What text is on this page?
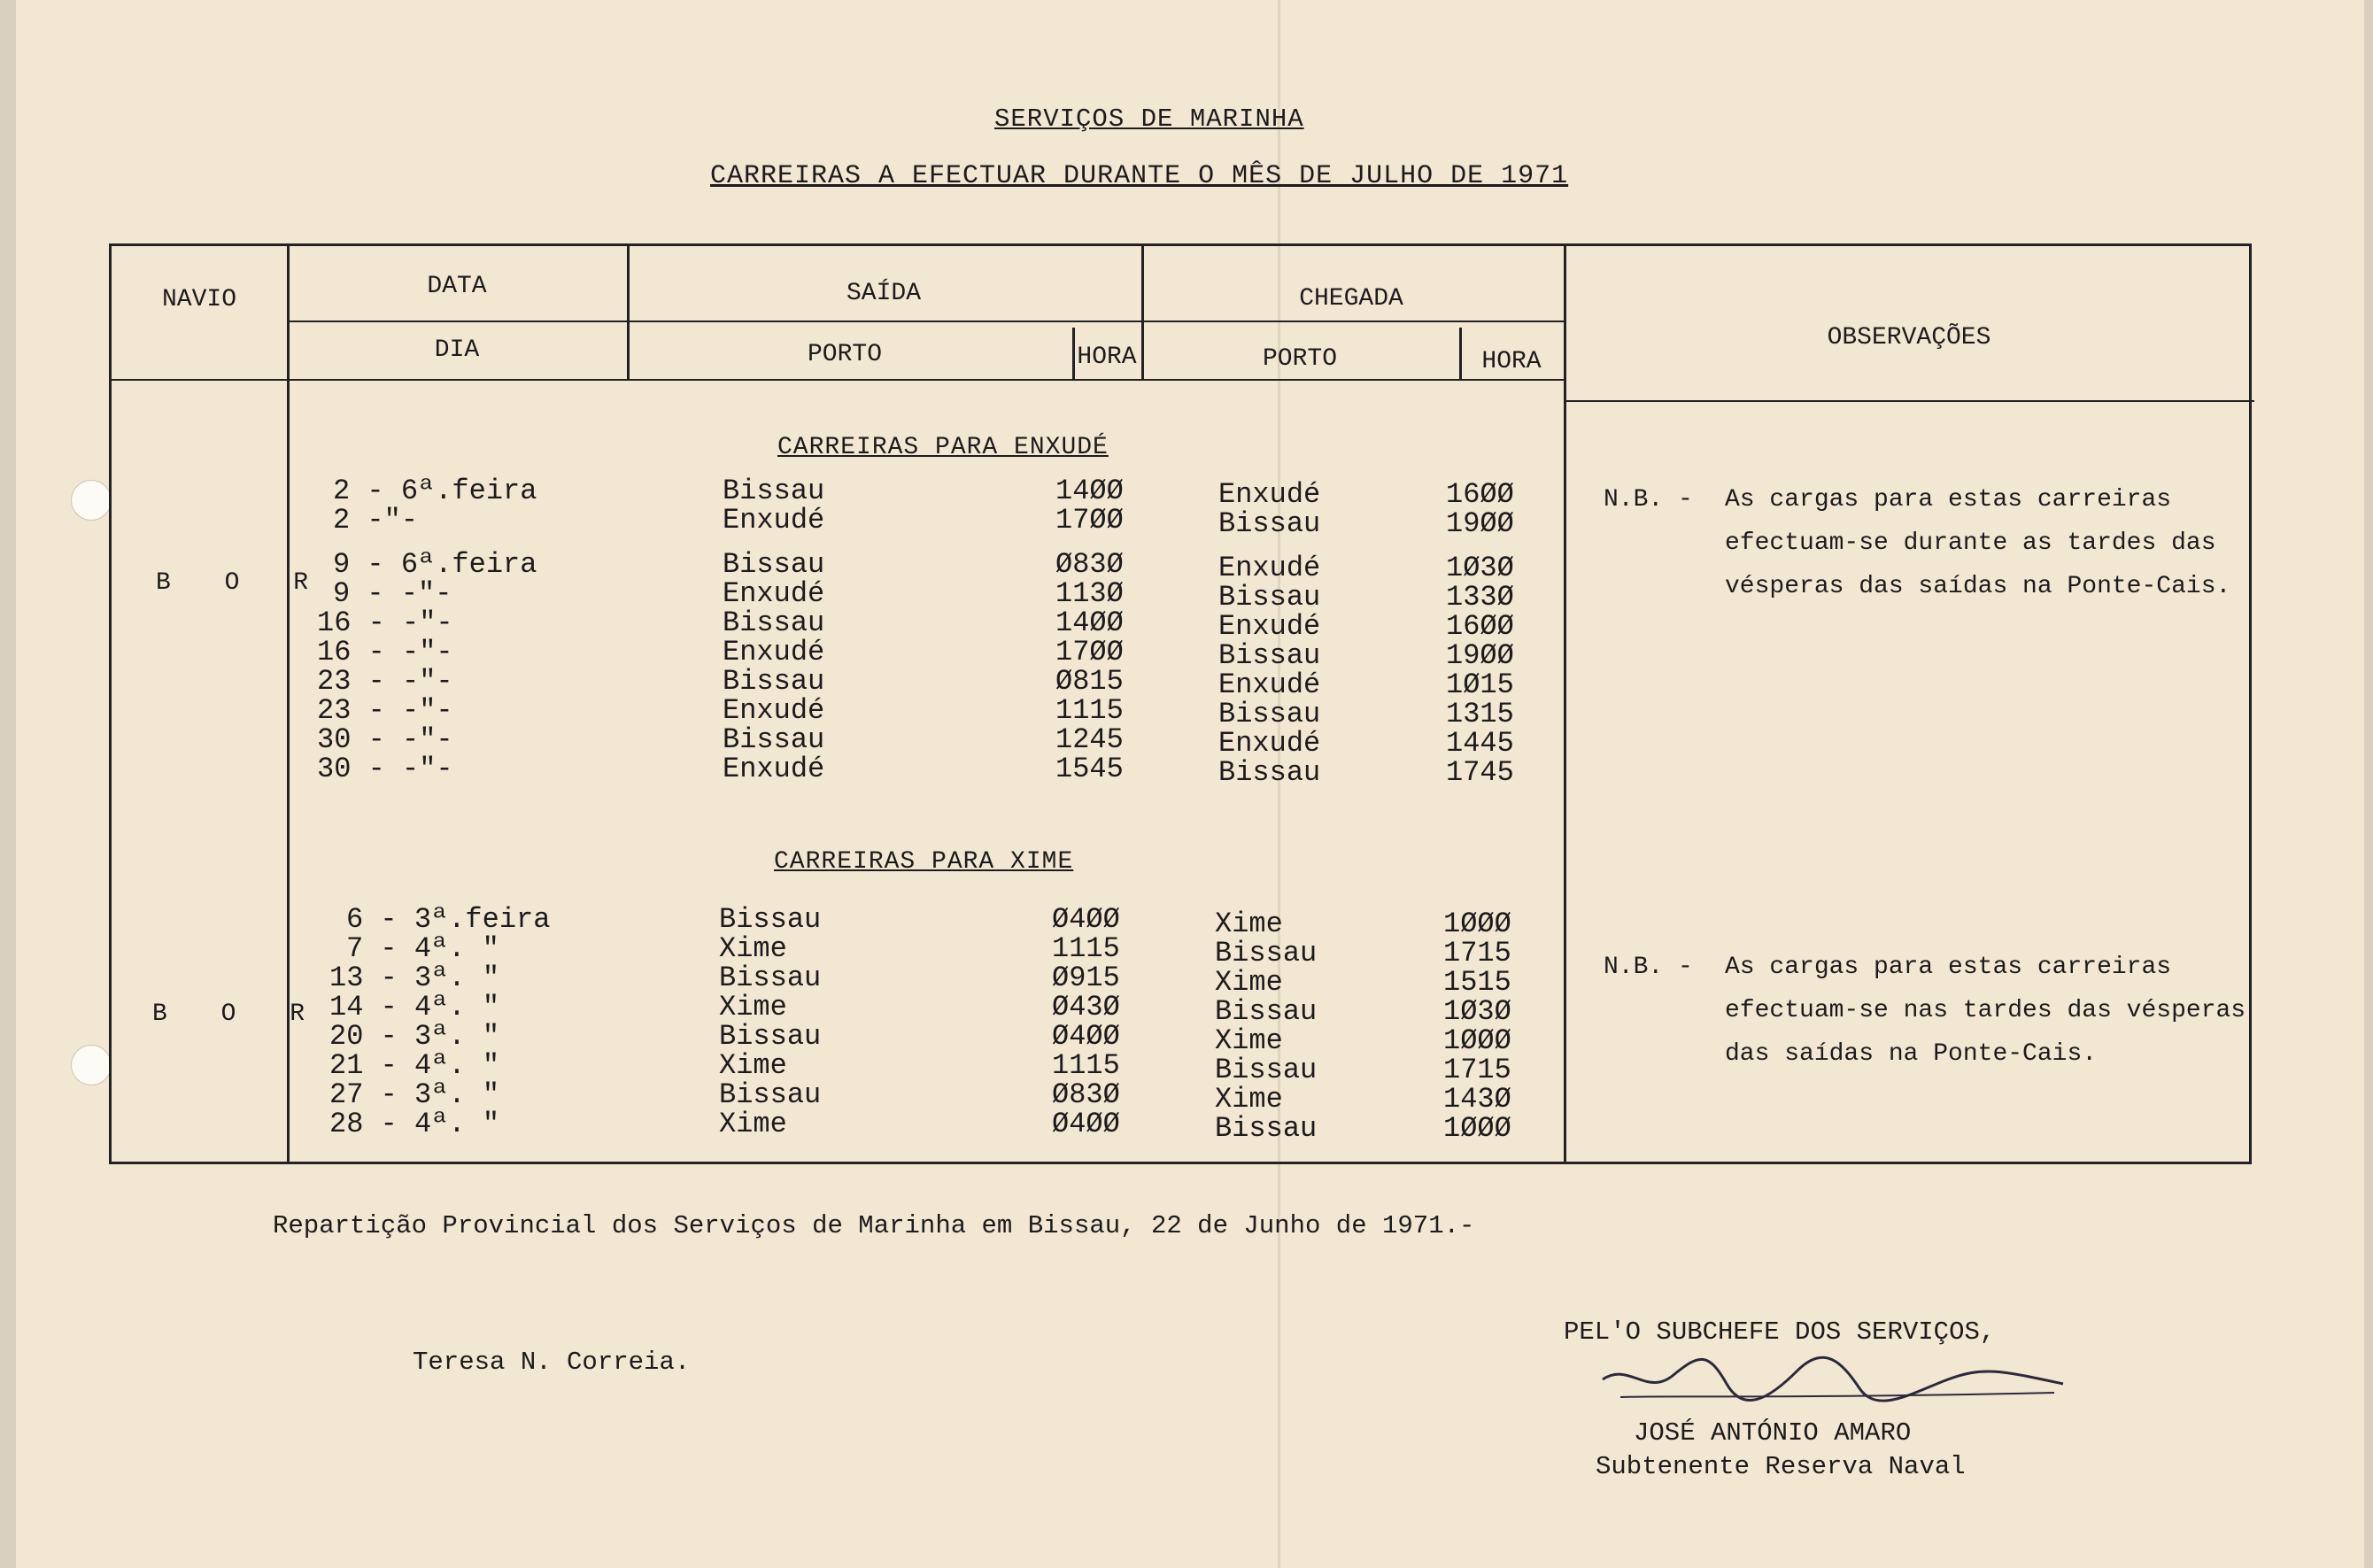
SERVIÇOS DE MARINHA
CARREIRAS A EFECTUAR DURANTE O MÊS DE JULHO DE 1971
NAVIO	DATA
DIA
SAÍDA	CHEGADA
PORTO	HORA	PORTO	HORA
OBSERVAÇÕES
CARREIRAS PARA ENXUDÉ
B O R
N.B. - As cargas para estas carreiras efectuam-se durante as tardes das vésperas das saídas na Ponte-Cais.
2 - 6ª.feira	Bissau	14ØØ	Enxudé	16ØØ
2 -"-	Enxudé	17ØØ	Bissau	19ØØ
9 - 6ª.feira	Bissau	Ø83Ø	Enxudé	1Ø3Ø
9 - -"-	Enxudé	113Ø	Bissau	133Ø
16 - -"-	Bissau	14ØØ	Enxudé	16ØØ
16 - -"-	Enxudé	17ØØ	Bissau	19ØØ
23 - -"-	Bissau	Ø815	Enxudé	1Ø15
23 - -"-	Enxudé	1115	Bissau	1315
30 - -"-	Bissau	1245	Enxudé	1445
30 - -"-	Enxudé	1545	Bissau	1745
CARREIRAS PARA XIME
B O R
N.B. - As cargas para estas carreiras efectuam-se nas tardes das vésperas das saídas na Ponte-Cais.
6 - 3ª.feira	Bissau	Ø4ØØ	Xime	1ØØØ
7 - 4ª. "	Xime	1115	Bissau	1715
13 - 3ª. "	Bissau	Ø915	Xime	1515
14 - 4ª. "	Xime	Ø43Ø	Bissau	1Ø3Ø
20 - 3ª. "	Bissau	Ø4ØØ	Xime	1ØØØ
21 - 4ª. "	Xime	1115	Bissau	1715
27 - 3ª. "	Bissau	Ø83Ø	Xime	143Ø
28 - 4ª. "	Xime	Ø4ØØ	Bissau	1ØØØ
Repartição Provincial dos Serviços de Marinha em Bissau, 22 de Junho de 1971.-
Teresa N. Correia.
PEL'O SUBCHEFE DOS SERVIÇOS,
JOSÉ ANTÓNIO AMARO
Subtenente Reserva Naval
